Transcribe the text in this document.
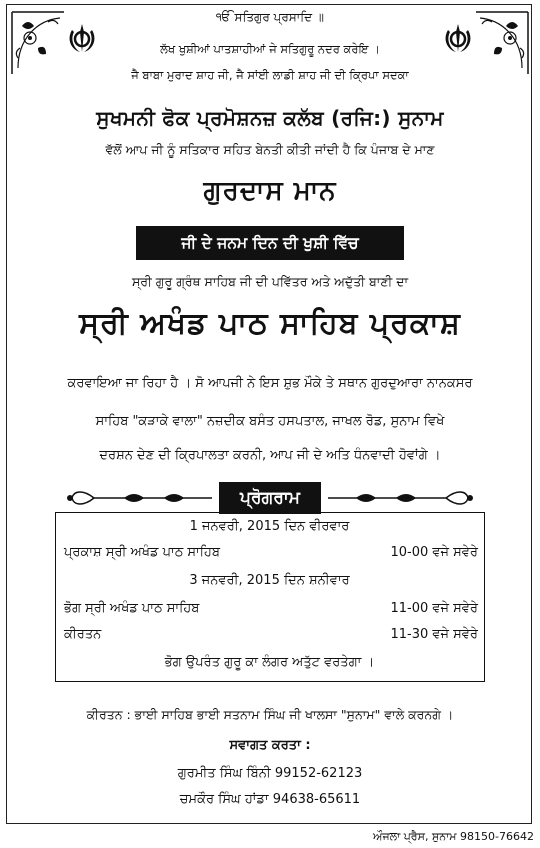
ੴ ਸਤਿਗੁਰ ਪ੍ਰਸਾਦਿ ॥
ਲੱਖ ਖੁਸ਼ੀਆਂ ਪਾਤਸ਼ਾਹੀਆਂ ਜੇ ਸਤਿਗੁਰੂ ਨਦਰ ਕਰੇਇ ।
ਜੈ ਬਾਬਾ ਮੁਰਾਦ ਸ਼ਾਹ ਜੀ, ਜੈ ਸਾਂਈ ਲਾਡੀ ਸ਼ਾਹ ਜੀ ਦੀ ਕ੍ਰਿਪਾ ਸਦਕਾ
ਸੁਖਮਨੀ ਫੋਕ ਪ੍ਰਮੋਸ਼ਨਜ਼ ਕਲੱਬ (ਰਜਿ:) ਸੁਨਾਮ
ਵੱਲੋਂ ਆਪ ਜੀ ਨੂੰ ਸਤਿਕਾਰ ਸਹਿਤ ਬੇਨਤੀ ਕੀਤੀ ਜਾਂਦੀ ਹੈ ਕਿ ਪੰਜਾਬ ਦੇ ਮਾਣ
ਗੁਰਦਾਸ ਮਾਨ
ਜੀ ਦੇ ਜਨਮ ਦਿਨ ਦੀ ਖੁਸ਼ੀ ਵਿੱਚ
ਸ੍ਰੀ ਗੁਰੂ ਗ੍ਰੰਥ ਸਾਹਿਬ ਜੀ ਦੀ ਪਵਿੱਤਰ ਅਤੇ ਅਦੁੱਤੀ ਬਾਣੀ ਦਾ
ਸ੍ਰੀ ਅਖੰਡ ਪਾਠ ਸਾਹਿਬ ਪ੍ਰਕਾਸ਼
ਕਰਵਾਇਆ ਜਾ ਰਿਹਾ ਹੈ । ਸੋ ਆਪਜੀ ਨੇ ਇਸ ਸ਼ੁਭ ਮੌਕੇ ਤੇ ਸਥਾਨ ਗੁਰਦੁਆਰਾ ਨਾਨਕਸਰ
ਸਾਹਿਬ "ਕੜਾਕੇ ਵਾਲਾ" ਨਜ਼ਦੀਕ ਬਸੰਤ ਹਸਪਤਾਲ, ਜਾਖਲ ਰੋਡ, ਸੁਨਾਮ ਵਿਖੇ
ਦਰਸ਼ਨ ਦੇਣ ਦੀ ਕ੍ਰਿਪਾਲਤਾ ਕਰਨੀ, ਆਪ ਜੀ ਦੇ ਅਤਿ ਧੰਨਵਾਦੀ ਹੋਵਾਂਗੇ ।
ਪ੍ਰੋਗਰਾਮ
1 ਜਨਵਰੀ, 2015 ਦਿਨ ਵੀਰਵਾਰ
ਪ੍ਰਕਾਸ਼ ਸ੍ਰੀ ਅਖੰਡ ਪਾਠ ਸਾਹਿਬ	10-00 ਵਜੇ ਸਵੇਰੇ
3 ਜਨਵਰੀ, 2015 ਦਿਨ ਸ਼ਨੀਵਾਰ
ਭੋਗ ਸ੍ਰੀ ਅਖੰਡ ਪਾਠ ਸਾਹਿਬ	11-00 ਵਜੇ ਸਵੇਰੇ
ਕੀਰਤਨ	11-30 ਵਜੇ ਸਵੇਰੇ
ਭੋਗ ਉਪਰੰਤ ਗੁਰੂ ਕਾ ਲੰਗਰ ਅਤੁੱਟ ਵਰਤੇਗਾ ।
ਕੀਰਤਨ : ਭਾਈ ਸਾਹਿਬ ਭਾਈ ਸਤਨਾਮ ਸਿੰਘ ਜੀ ਖਾਲਸਾ "ਸੁਨਾਮ" ਵਾਲੇ ਕਰਨਗੇ ।
ਸਵਾਗਤ ਕਰਤਾ :
ਗੁਰਮੀਤ ਸਿੰਘ ਬਿੰਨੀ 99152-62123
ਚਮਕੌਰ ਸਿੰਘ ਹਾਂਡਾ 94638-65611
ਔਜਲਾ ਪ੍ਰੈਸ, ਸੁਨਾਮ 98150-76642
